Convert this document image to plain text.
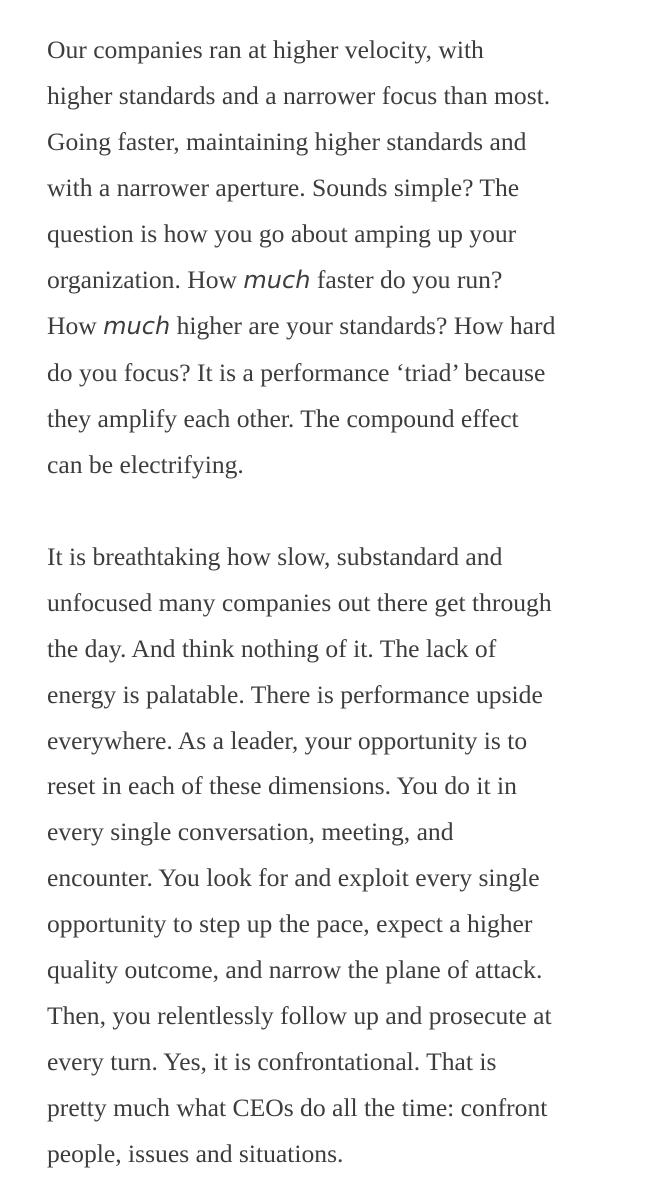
Our companies ran at higher velocity, with
higher standards and a narrower focus than most.
Going faster, maintaining higher standards and
with a narrower aperture. Sounds simple? The
question is how you go about amping up your
organization. How much faster do you run?
How much higher are your standards? How hard
do you focus? It is a performance ‘triad’ because
they amplify each other. The compound effect
can be electrifying.

It is breathtaking how slow, substandard and
unfocused many companies out there get through
the day. And think nothing of it. The lack of
energy is palatable. There is performance upside
everywhere. As a leader, your opportunity is to
reset in each of these dimensions. You do it in
every single conversation, meeting, and
encounter. You look for and exploit every single
opportunity to step up the pace, expect a higher
quality outcome, and narrow the plane of attack.
Then, you relentlessly follow up and prosecute at
every turn. Yes, it is confrontational. That is
pretty much what CEOs do all the time: confront
people, issues and situations.
